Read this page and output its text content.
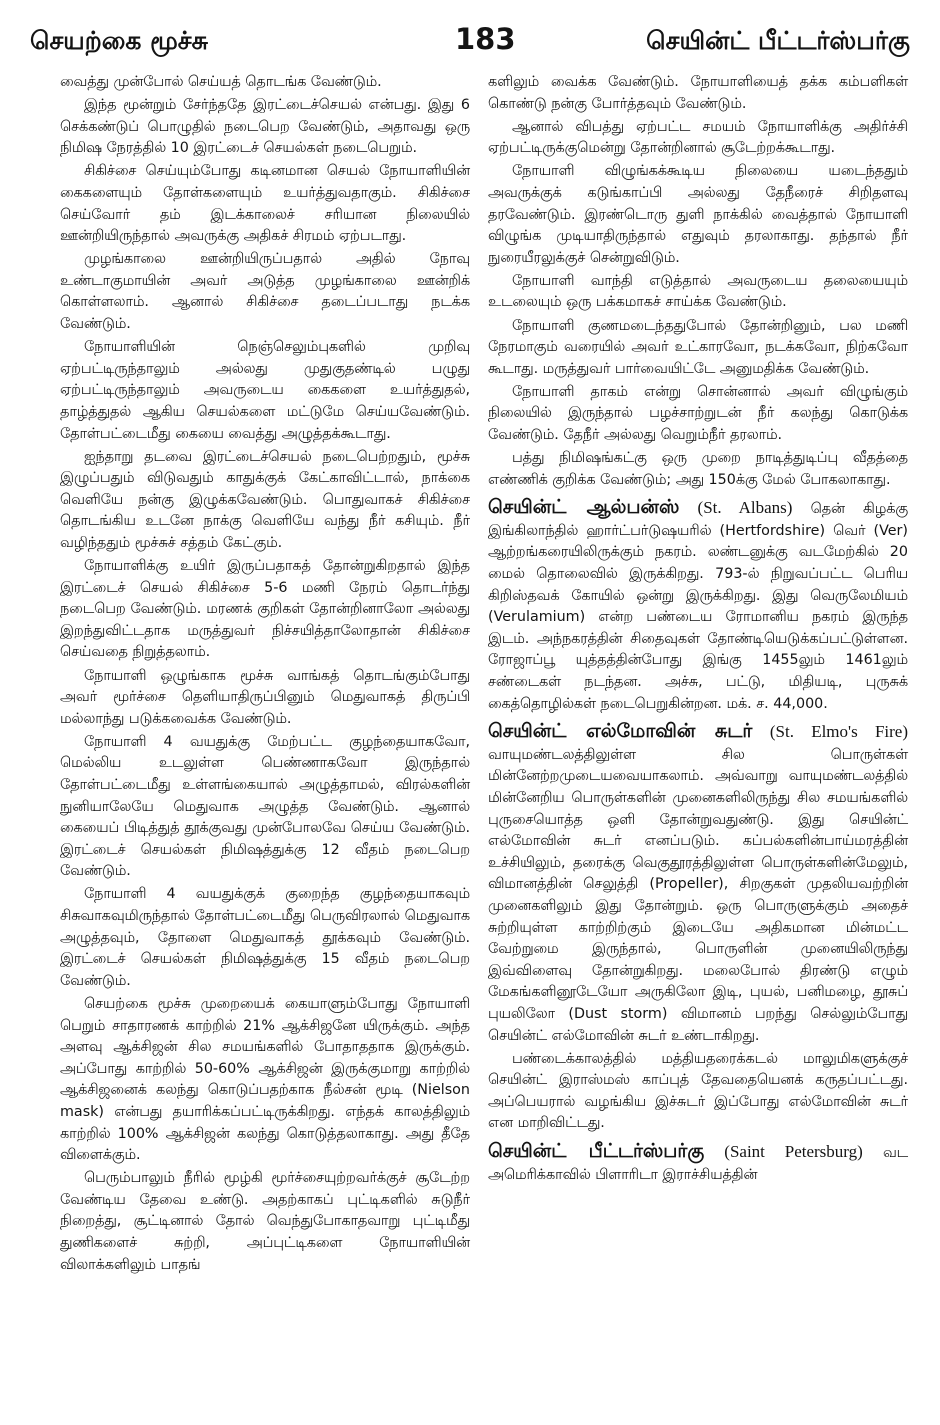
செயற்கை மூச்சு	183	செயின்ட் பீட்டர்ஸ்பர்கு

வைத்து முன்போல் செய்யத் தொடங்க வேண்டும்.

இந்த மூன்றும் சேர்ந்ததே இரட்டைச்செயல் என்பது. இது 6 செக்கண்டுப் பொழுதில் நடைபெற வேண்டும், அதாவது ஒரு நிமிஷ நேரத்தில் 10 இரட்டைச் செயல்கள் நடைபெறும்.

சிகிச்சை செய்யும்போது கடினமான செயல் நோயாளியின் கைகளையும் தோள்களையும் உயர்த்துவதாகும். சிகிச்சை செய்வோர் தம் இடக்காலைச் சரியான நிலையில் ஊன்றியிருந்தால் அவருக்கு அதிகச் சிரமம் ஏற்படாது.

முழங்காலை ஊன்றியிருப்பதால் அதில் நோவு உண்டாகுமாயின் அவர் அடுத்த முழங்காலை ஊன்றிக் கொள்ளலாம். ஆனால் சிகிச்சை தடைப்படாது நடக்க வேண்டும்.

நோயாளியின் நெஞ்செலும்புகளில் முறிவு ஏற்பட்டிருந்தாலும் அல்லது முதுகுதண்டில் பழுது ஏற்பட்டிருந்தாலும் அவருடைய கைகளை உயர்த்துதல், தாழ்த்துதல் ஆகிய செயல்களை மட்டுமே செய்யவேண்டும். தோள்பட்டைமீது கையை வைத்து அழுத்தக்கூடாது.

ஐந்தாறு தடவை இரட்டைச்செயல் நடைபெற்றதும், மூச்சு இழுப்பதும் விடுவதும் காதுக்குக் கேட்காவிட்டால், நாக்கை வெளியே நன்கு இழுக்கவேண்டும். பொதுவாகச் சிகிச்சை தொடங்கிய உடனே நாக்கு வெளியே வந்து நீர் கசியும். நீர் வழிந்ததும் மூச்சுச் சத்தம் கேட்கும்.

நோயாளிக்கு உயிர் இருப்பதாகத் தோன்றுகிறதால் இந்த இரட்டைச் செயல் சிகிச்சை 5-6 மணி நேரம் தொடர்ந்து நடைபெற வேண்டும். மரணக் குறிகள் தோன்றினாலோ அல்லது இறந்துவிட்டதாக மருத்துவர் நிச்சயித்தாலோதான் சிகிச்சை செய்வதை நிறுத்தலாம்.

நோயாளி ஒழுங்காக மூச்சு வாங்கத் தொடங்கும்போது அவர் மூர்ச்சை தெளியாதிருப்பினும் மெதுவாகத் திருப்பி மல்லாந்து படுக்கவைக்க வேண்டும்.

நோயாளி 4 வயதுக்கு மேற்பட்ட குழந்தையாகவோ, மெல்லிய உடலுள்ள பெண்ணாகவோ இருந்தால் தோள்பட்டைமீது உள்ளங்கையால் அழுத்தாமல், விரல்களின் நுனியாலேயே மெதுவாக அழுத்த வேண்டும். ஆனால் கையைப் பிடித்துத் தூக்குவது முன்போலவே செய்ய வேண்டும். இரட்டைச் செயல்கள் நிமிஷத்துக்கு 12 வீதம் நடைபெற வேண்டும்.

நோயாளி 4 வயதுக்குக் குறைந்த குழந்தையாகவும் சிசுவாகவுமிருந்தால் தோள்பட்டைமீது பெருவிரலால் மெதுவாக அழுத்தவும், தோளை மெதுவாகத் தூக்கவும் வேண்டும். இரட்டைச் செயல்கள் நிமிஷத்துக்கு 15 வீதம் நடைபெற வேண்டும்.

செயற்கை மூச்சு முறையைக் கையாளும்போது நோயாளி பெறும் சாதாரணக் காற்றில் 21% ஆக்சிஜனே யிருக்கும். அந்த அளவு ஆக்சிஜன் சில சமயங்களில் போதாததாக இருக்கும். அப்போது காற்றில் 50-60% ஆக்சிஜன் இருக்குமாறு காற்றில் ஆக்சிஜனைக் கலந்து கொடுப்பதற்காக நீல்சன் மூடி (Nielson mask) என்பது தயாரிக்கப்பட்டிருக்கிறது. எந்தக் காலத்திலும் காற்றில் 100% ஆக்சிஜன் கலந்து கொடுத்தலாகாது. அது தீதே விளைக்கும்.

பெரும்பாலும் நீரில் மூழ்கி மூர்ச்சையுற்றவர்க்குச் சூடேற்ற வேண்டிய தேவை உண்டு. அதற்காகப் புட்டிகளில் சுடுநீர் நிறைத்து, சூட்டினால் தோல் வெந்துபோகாதவாறு புட்டிமீது துணிகளைச் சுற்றி, அப்புட்டிகளை நோயாளியின் விலாக்களிலும் பாதங்

களிலும் வைக்க வேண்டும். நோயாளியைத் தக்க கம்பளிகள் கொண்டு நன்கு போர்த்தவும் வேண்டும்.

ஆனால் விபத்து ஏற்பட்ட சமயம் நோயாளிக்கு அதிர்ச்சி ஏற்பட்டிருக்குமென்று தோன்றினால் சூடேற்றக்கூடாது.

நோயாளி விழுங்கக்கூடிய நிலையை யடைந்ததும் அவருக்குக் கடுங்காப்பி அல்லது தேநீரைச் சிறிதளவு தரவேண்டும். இரண்டொரு துளி நாக்கில் வைத்தால் நோயாளி விழுங்க முடியாதிருந்தால் எதுவும் தரலாகாது. தந்தால் நீர் நுரையீரலுக்குச் சென்றுவிடும்.

நோயாளி வாந்தி எடுத்தால் அவருடைய தலையையும் உடலையும் ஒரு பக்கமாகச் சாய்க்க வேண்டும்.

நோயாளி குணமடைந்ததுபோல் தோன்றினும், பல மணி நேரமாகும் வரையில் அவர் உட்காரவோ, நடக்கவோ, நிற்கவோ கூடாது. மருத்துவர் பார்வையிட்டே அனுமதிக்க வேண்டும்.

நோயாளி தாகம் என்று சொன்னால் அவர் விழுங்கும் நிலையில் இருந்தால் பழச்சாற்றுடன் நீர் கலந்து கொடுக்க வேண்டும். தேநீர் அல்லது வெறும்நீர் தரலாம்.

பத்து நிமிஷங்கட்கு ஒரு முறை நாடித்துடிப்பு வீதத்தை எண்ணிக் குறிக்க வேண்டும்; அது 150க்கு மேல் போகலாகாது.

செயின்ட் ஆல்பன்ஸ் (St. Albans) தென் கிழக்கு இங்கிலாந்தில் ஹார்ட்பர்டுஷயரில் (Hertfordshire) வெர் (Ver) ஆற்றங்கரையிலிருக்கும் நகரம். லண்டனுக்கு வடமேற்கில் 20 மைல் தொலைவில் இருக்கிறது. 793-ல் நிறுவப்பட்ட பெரிய கிறிஸ்தவக் கோயில் ஒன்று இருக்கிறது. இது வெருலேமியம் (Verulamium) என்ற பண்டைய ரோமானிய நகரம் இருந்த இடம். அந்நகரத்தின் சிதைவுகள் தோண்டியெடுக்கப்பட்டுள்ளன. ரோஜாப்பூ யுத்தத்தின்போது இங்கு 1455லும் 1461லும் சண்டைகள் நடந்தன. அச்சு, பட்டு, மிதியடி, புருசுக் கைத்தொழில்கள் நடைபெறுகின்றன. மக். ச. 44,000.

செயின்ட் எல்மோவின் சுடர் (St. Elmo's Fire) வாயுமண்டலத்திலுள்ள சில பொருள்கள் மின்னேற்றமுடையவையாகலாம். அவ்வாறு வாயுமண்டலத்தில் மின்னேறிய பொருள்களின் முனைகளிலிருந்து சில சமயங்களில் புருசையொத்த ஒளி தோன்றுவதுண்டு. இது செயின்ட் எல்மோவின் சுடர் எனப்படும். கப்பல்களின்பாய்மரத்தின் உச்சியிலும், தரைக்கு வெகுதூரத்திலுள்ள பொருள்களின்மேலும், விமானத்தின் செலுத்தி (Propeller), சிறகுகள் முதலியவற்றின் முனைகளிலும் இது தோன்றும். ஒரு பொருளுக்கும் அதைச் சுற்றியுள்ள காற்றிற்கும் இடையே அதிகமான மின்மட்ட வேற்றுமை இருந்தால், பொருளின் முனையிலிருந்து இவ்விளைவு தோன்றுகிறது. மலைபோல் திரண்டு எழும் மேகங்களினூடேயோ அருகிலோ இடி, புயல், பனிமழை, தூசுப் புயலிலோ (Dust storm) விமானம் பறந்து செல்லும்போது செயின்ட் எல்மோவின் சுடர் உண்டாகிறது.

பண்டைக்காலத்தில் மத்தியதரைக்கடல் மாலுமிகளுக்குச் செயின்ட் இராஸ்மஸ் காப்புத் தேவதையெனக் கருதப்பட்டது. அப்பெயரால் வழங்கிய இச்சுடர் இப்போது எல்மோவின் சுடர் என மாறிவிட்டது.

செயின்ட் பீட்டர்ஸ்பர்கு (Saint Petersburg) வட அமெரிக்காவில் பிளாரிடா இராச்சியத்தின்
